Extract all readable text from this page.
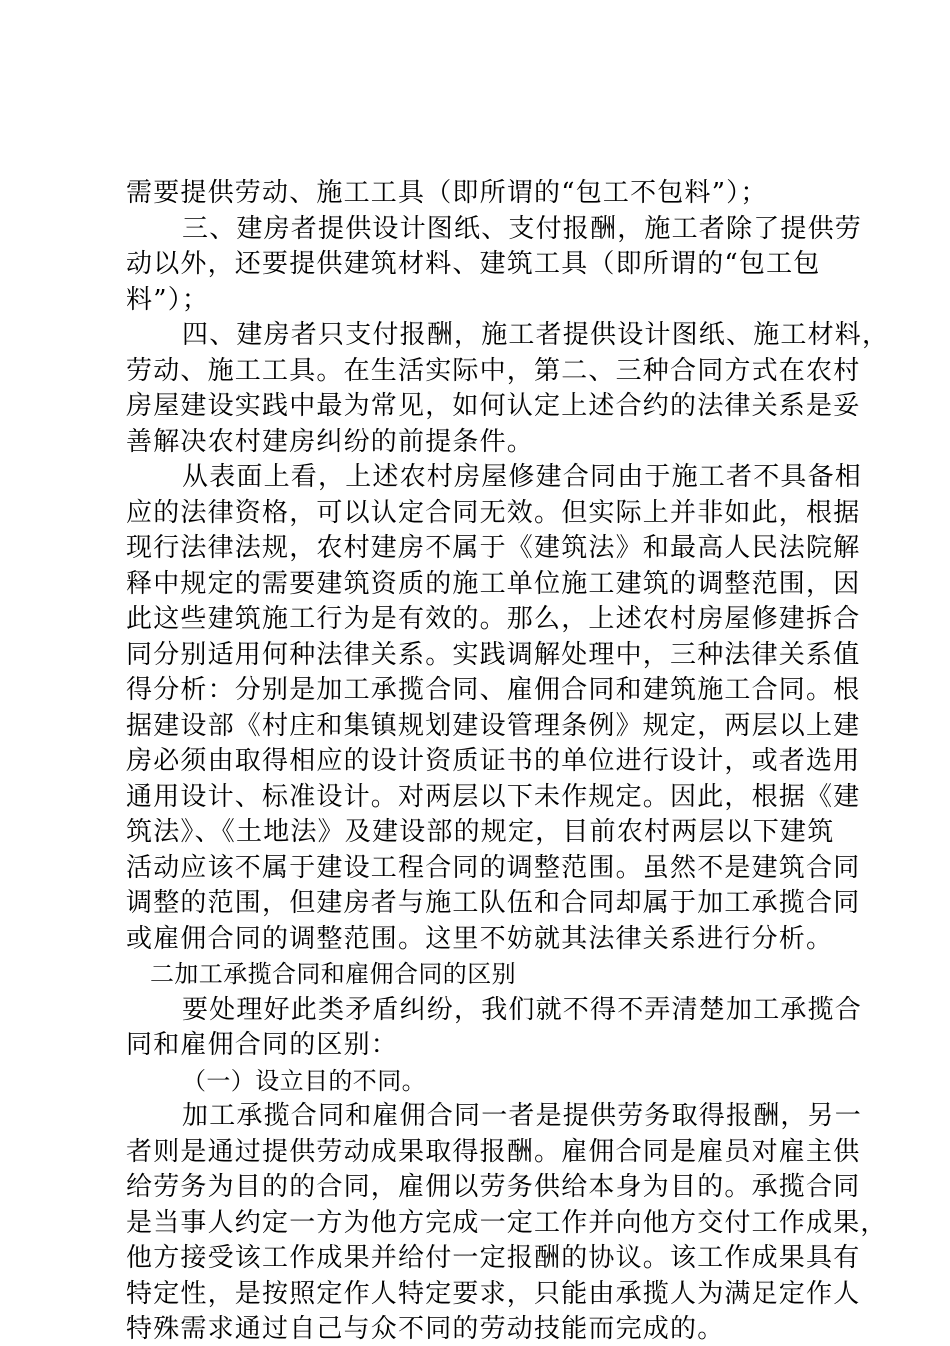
需要提供劳动、施工工具（即所谓的“包工不包料”）；
三、建房者提供设计图纸、支付报酬，施工者除了提供劳
动以外，还要提供建筑材料、建筑工具（即所谓的“包工包
料”）；
四、建房者只支付报酬，施工者提供设计图纸、施工材料，
劳动、施工工具。在生活实际中，第二、三种合同方式在农村
房屋建设实践中最为常见，如何认定上述合约的法律关系是妥
善解决农村建房纠纷的前提条件。
从表面上看，上述农村房屋修建合同由于施工者不具备相
应的法律资格，可以认定合同无效。但实际上并非如此，根据
现行法律法规，农村建房不属于《建筑法》和最高人民法院解
释中规定的需要建筑资质的施工单位施工建筑的调整范围，因
此这些建筑施工行为是有效的。那么，上述农村房屋修建拆合
同分别适用何种法律关系。实践调解处理中，三种法律关系值
得分析：分别是加工承揽合同、雇佣合同和建筑施工合同。根
据建设部《村庄和集镇规划建设管理条例》规定，两层以上建
房必须由取得相应的设计资质证书的单位进行设计，或者选用
通用设计、标准设计。对两层以下未作规定。因此，根据《建
筑法》、《土地法》及建设部的规定，目前农村两层以下建筑
活动应该不属于建设工程合同的调整范围。虽然不是建筑合同
调整的范围，但建房者与施工队伍和合同却属于加工承揽合同
或雇佣合同的调整范围。这里不妨就其法律关系进行分析。
二加工承揽合同和雇佣合同的区别
要处理好此类矛盾纠纷，我们就不得不弄清楚加工承揽合
同和雇佣合同的区别：
（一）设立目的不同。
加工承揽合同和雇佣合同一者是提供劳务取得报酬，另一
者则是通过提供劳动成果取得报酬。雇佣合同是雇员对雇主供
给劳务为目的的合同，雇佣以劳务供给本身为目的。承揽合同
是当事人约定一方为他方完成一定工作并向他方交付工作成果，
他方接受该工作成果并给付一定报酬的协议。该工作成果具有
特定性，是按照定作人特定要求，只能由承揽人为满足定作人
特殊需求通过自己与众不同的劳动技能而完成的。
